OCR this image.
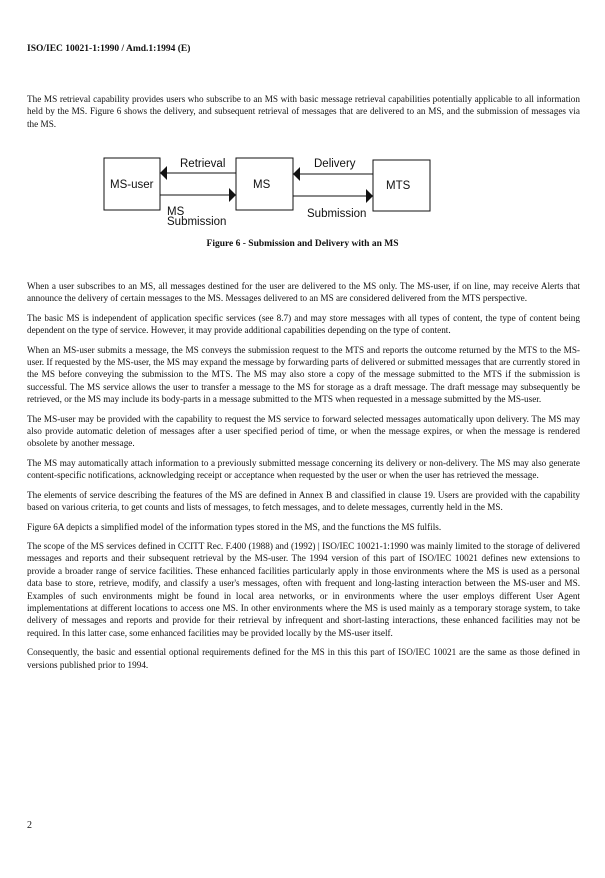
ISO/IEC 10021-1:1990 / Amd.1:1994 (E)

The MS retrieval capability provides users who subscribe to an MS with basic message retrieval capabilities potentially applicable to all information held by the MS. Figure 6 shows the delivery, and subsequent retrieval of messages that are delivered to an MS, and the submission of messages via the MS.

MS-user	MS	MTS
Retrieval	Delivery
MS
Submission
Submission
Figure 6 - Submission and Delivery with an MS

When a user subscribes to an MS, all messages destined for the user are delivered to the MS only. The MS-user, if on line, may receive Alerts that announce the delivery of certain messages to the MS. Messages delivered to an MS are considered delivered from the MTS perspective.

The basic MS is independent of application specific services (see 8.7) and may store messages with all types of content, the type of content being dependent on the type of service. However, it may provide additional capabilities depending on the type of content.

When an MS-user submits a message, the MS conveys the submission request to the MTS and reports the outcome returned by the MTS to the MS-user. If requested by the MS-user, the MS may expand the message by forwarding parts of delivered or submitted messages that are currently stored in the MS before conveying the submission to the MTS. The MS may also store a copy of the message submitted to the MTS if the submission is successful. The MS service allows the user to transfer a message to the MS for storage as a draft message. The draft message may subsequently be retrieved, or the MS may include its body-parts in a message submitted to the MTS when requested in a message submitted by the MS-user.

The MS-user may be provided with the capability to request the MS service to forward selected messages automatically upon delivery. The MS may also provide automatic deletion of messages after a user specified period of time, or when the message expires, or when the message is rendered obsolete by another message.

The MS may automatically attach information to a previously submitted message concerning its delivery or non-delivery. The MS may also generate content-specific notifications, acknowledging receipt or acceptance when requested by the user or when the user has retrieved the message.

The elements of service describing the features of the MS are defined in Annex B and classified in clause 19. Users are provided with the capability based on various criteria, to get counts and lists of messages, to fetch messages, and to delete messages, currently held in the MS.

Figure 6A depicts a simplified model of the information types stored in the MS, and the functions the MS fulfils.

The scope of the MS services defined in CCITT Rec. F.400 (1988) and (1992) | ISO/IEC 10021-1:1990 was mainly limited to the storage of delivered messages and reports and their subsequent retrieval by the MS-user. The 1994 version of this part of ISO/IEC 10021 defines new extensions to provide a broader range of service facilities. These enhanced facilities particularly apply in those environments where the MS is used as a personal data base to store, retrieve, modify, and classify a user's messages, often with frequent and long-lasting interaction between the MS-user and MS. Examples of such environments might be found in local area networks, or in environments where the user employs different User Agent implementations at different locations to access one MS. In other environments where the MS is used mainly as a temporary storage system, to take delivery of messages and reports and provide for their retrieval by infrequent and short-lasting interactions, these enhanced facilities may not be required. In this latter case, some enhanced facilities may be provided locally by the MS-user itself.

Consequently, the basic and essential optional requirements defined for the MS in this this part of ISO/IEC 10021 are the same as those defined in versions published prior to 1994.

2
